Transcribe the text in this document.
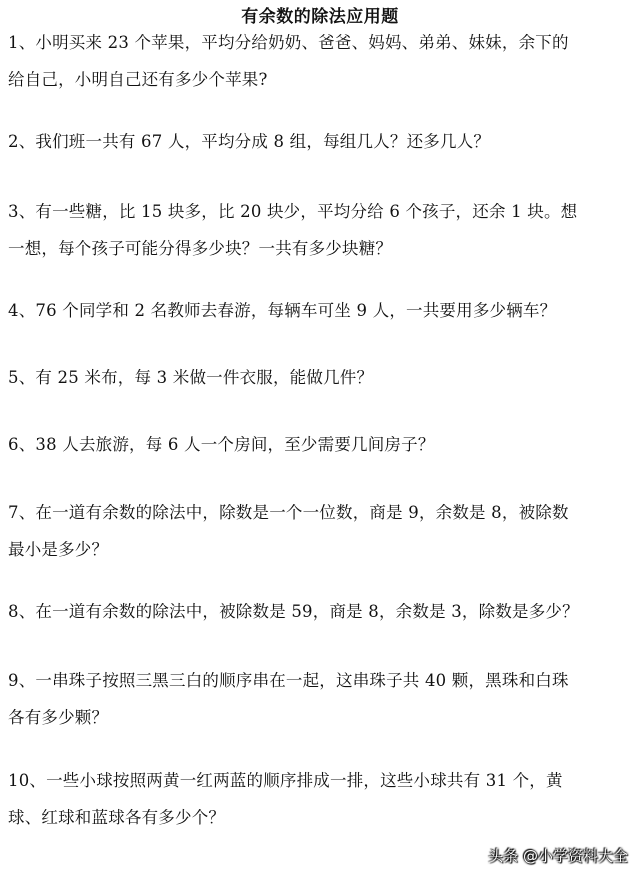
有余数的除法应用题
1、小明买来 23 个苹果，平均分给奶奶、爸爸、妈妈、弟弟、妹妹，余下的
给自己，小明自己还有多少个苹果?
2、我们班一共有 67 人，平均分成 8 组，每组几人？还多几人？
3、有一些糖，比 15 块多，比 20 块少，平均分给 6 个孩子，还余 1 块。想
一想，每个孩子可能分得多少块？一共有多少块糖？
4、76 个同学和 2 名教师去春游，每辆车可坐 9 人，一共要用多少辆车？
5、有 25 米布，每 3 米做一件衣服，能做几件？
6、38 人去旅游，每 6 人一个房间，至少需要几间房子？
7、在一道有余数的除法中，除数是一个一位数，商是 9，余数是 8，被除数
最小是多少？
8、在一道有余数的除法中，被除数是 59，商是 8，余数是 3，除数是多少？
9、一串珠子按照三黑三白的顺序串在一起，这串珠子共 40 颗，黑珠和白珠
各有多少颗？
10、一些小球按照两黄一红两蓝的顺序排成一排，这些小球共有 31 个，黄
球、红球和蓝球各有多少个？
头条 @小学资料大全
